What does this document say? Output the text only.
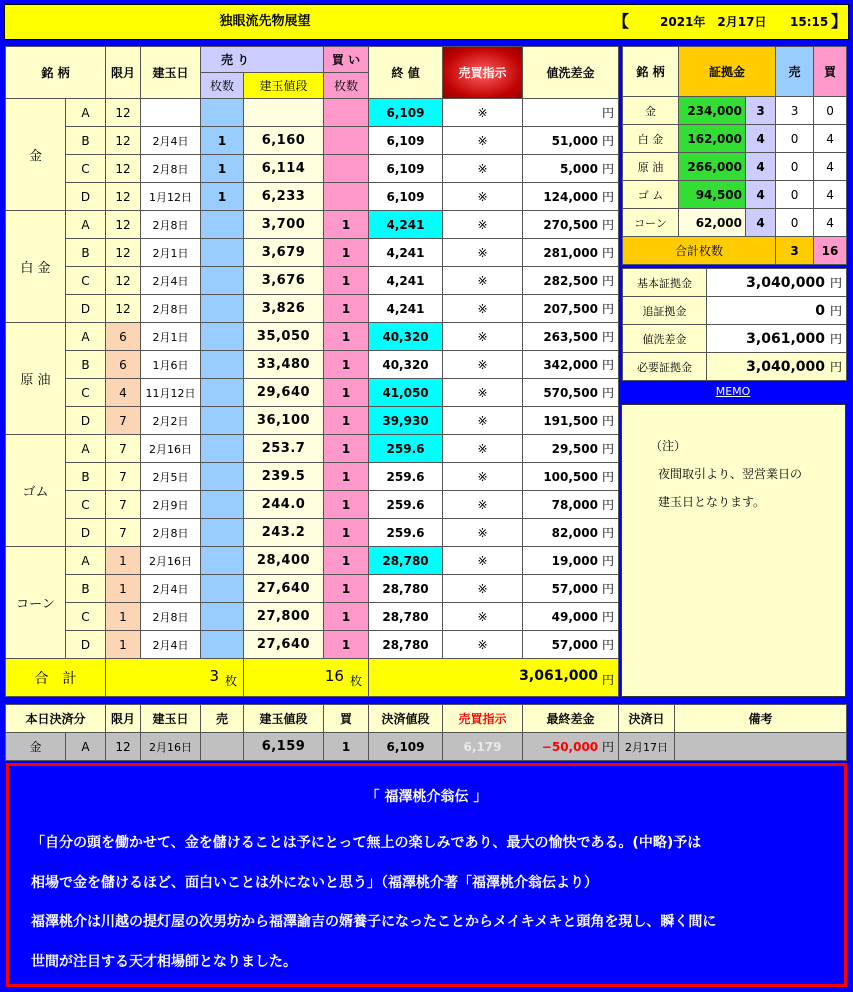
独眼流先物展望	【	2021年　2月17日 15:15 】
銘 柄		限月	建玉日	売 り		買 い	終 値	売買指示	値洗差金
				枚数	建玉値段	枚数			
金	A	12					6,109	※	円
	B	12	2月4日	1	6,160		6,109	※	51,000 円
	C	12	2月8日	1	6,114		6,109	※	5,000 円
	D	12	1月12日	1	6,233		6,109	※	124,000 円
白 金	A	12	2月8日		3,700	1	4,241	※	270,500 円
	B	12	2月1日		3,679	1	4,241	※	281,000 円
	C	12	2月4日		3,676	1	4,241	※	282,500 円
	D	12	2月8日		3,826	1	4,241	※	207,500 円
原 油	A	6	2月1日		35,050	1	40,320	※	263,500 円
	B	6	1月6日		33,480	1	40,320	※	342,000 円
	C	4	11月12日		29,640	1	41,050	※	570,500 円
	D	7	2月2日		36,100	1	39,930	※	191,500 円
ゴム	A	7	2月16日		253.7	1	259.6	※	29,500 円
	B	7	2月5日		239.5	1	259.6	※	100,500 円
	C	7	2月9日		244.0	1	259.6	※	78,000 円
	D	7	2月8日		243.2	1	259.6	※	82,000 円
コーン	A	1	2月16日		28,400	1	28,780	※	19,000 円
	B	1	2月4日		27,640	1	28,780	※	57,000 円
	C	1	2月8日		27,800	1	28,780	※	49,000 円
	D	1	2月4日		27,640	1	28,780	※	57,000 円
合　計		3 $_枚$			16 $_枚$		3,061,000 円		
銘 柄	証拠金		売	買
金	234,000	3	3	0
白 金	162,000	4	0	4
原 油	266,000	4	0	4
ゴ ム	94,500	4	0	4
コーン	62,000	4	0	4
合計枚数			3	16
基本証拠金	3,040,000 円
追証拠金	0 円
値洗差金	3,061,000 円
必要証拠金	3,040,000 円
MEMO
（注）
夜間取引より、翌営業日の
建玉日となります。
本日決済分		限月	建玉日	売	建玉値段	買	決済値段	売買指示	最終差金	決済日	備考
金	A	12	2月16日		6,159	1	6,109	6,179	−50,000 円	2月17日	
「 福澤桃介翁伝 」

「自分の頭を働かせて、金を儲けることは予にとって無上の楽しみであり、最大の愉快である。(中略)予は

相場で金を儲けるほど、面白いことは外にないと思う」（福澤桃介著「福澤桃介翁伝より）

福澤桃介は川越の提灯屋の次男坊から福澤諭吉の婿養子になったことからメイキメキと頭角を現し、瞬く間に

世間が注目する天才相場師となりました。
